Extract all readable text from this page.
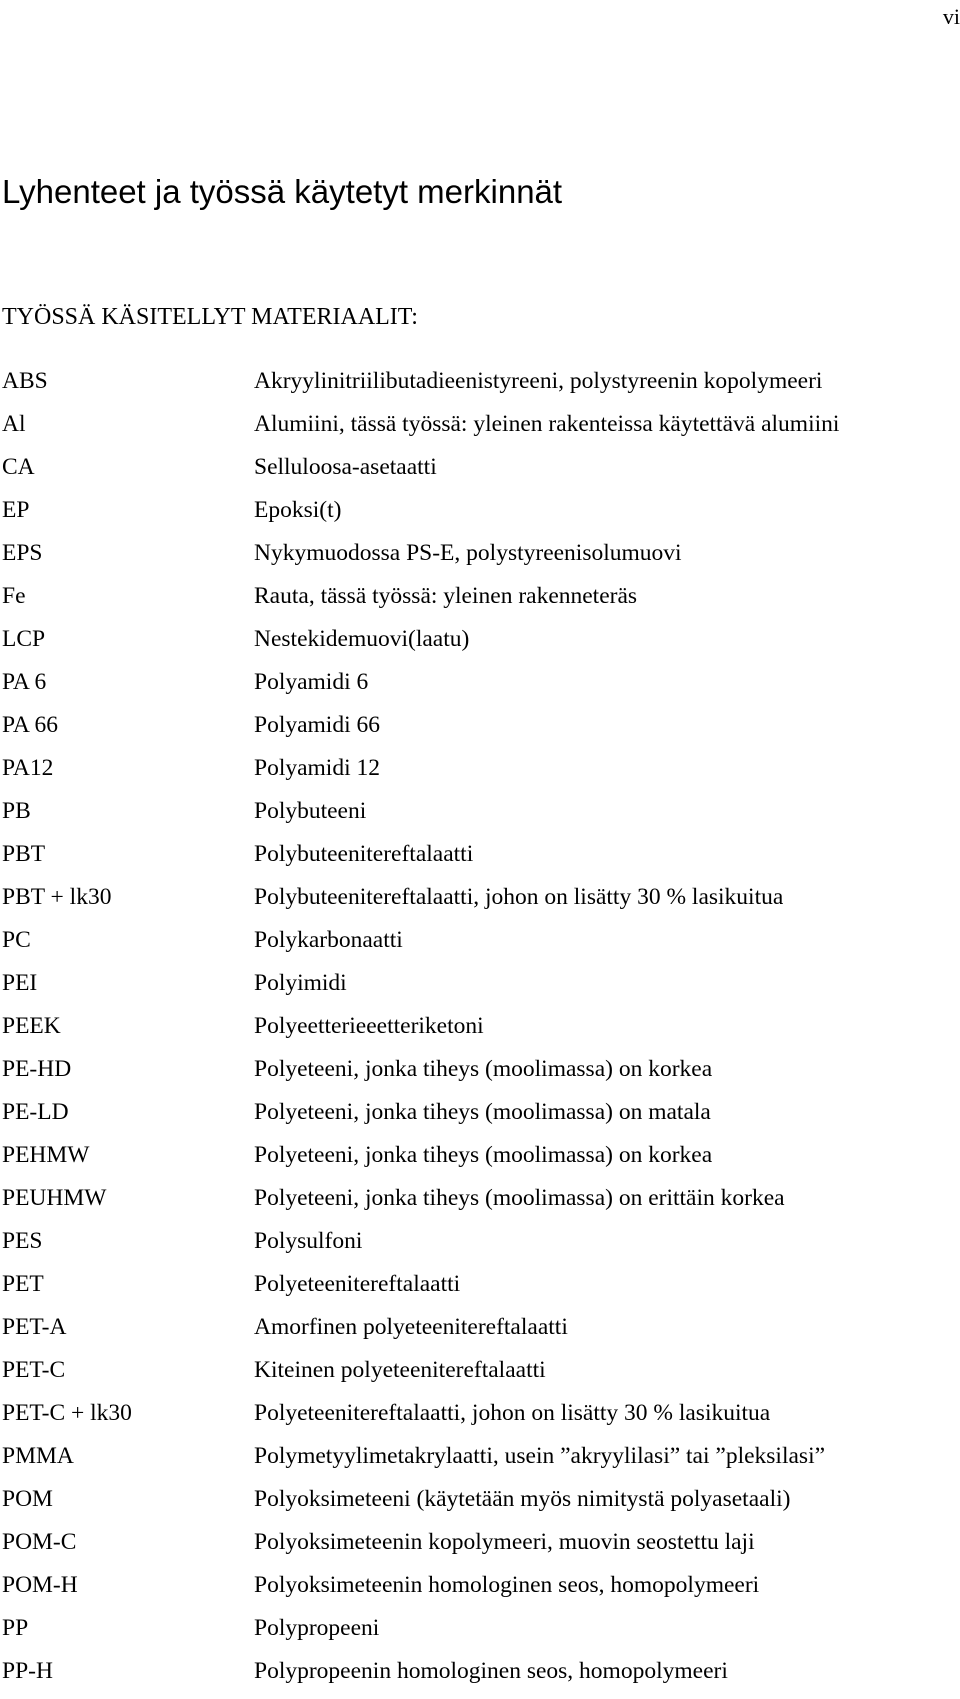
vi
Lyhenteet ja työssä käytetyt merkinnät
TYÖSSÄ KÄSITELLYT MATERIAALIT:
ABS	Akryylinitriilibutadieenistyreeni, polystyreenin kopolymeeri
Al	Alumiini, tässä työssä: yleinen rakenteissa käytettävä alumiini
CA	Selluloosa-asetaatti
EP	Epoksi(t)
EPS	Nykymuodossa PS-E, polystyreenisolumuovi
Fe	Rauta, tässä työssä: yleinen rakenneteräs
LCP	Nestekidemuovi(laatu)
PA 6	Polyamidi 6
PA 66	Polyamidi 66
PA12	Polyamidi 12
PB	Polybuteeni
PBT	Polybuteenitereftalaatti
PBT + lk30	Polybuteenitereftalaatti, johon on lisätty 30 % lasikuitua
PC	Polykarbonaatti
PEI	Polyimidi
PEEK	Polyeetterieeetteriketoni
PE-HD	Polyeteeni, jonka tiheys (moolimassa) on korkea
PE-LD	Polyeteeni, jonka tiheys (moolimassa) on matala
PEHMW	Polyeteeni, jonka tiheys (moolimassa) on korkea
PEUHMW	Polyeteeni, jonka tiheys (moolimassa) on erittäin korkea
PES	Polysulfoni
PET	Polyeteenitereftalaatti
PET-A	Amorfinen polyeteenitereftalaatti
PET-C	Kiteinen polyeteenitereftalaatti
PET-C + lk30	Polyeteenitereftalaatti, johon on lisätty 30 % lasikuitua
PMMA	Polymetyylimetakrylaatti, usein ”akryylilasi” tai ”pleksilasi”
POM	Polyoksimeteeni (käytetään myös nimitystä polyasetaali)
POM-C	Polyoksimeteenin kopolymeeri, muovin seostettu laji
POM-H	Polyoksimeteenin homologinen seos, homopolymeeri
PP	Polypropeeni
PP-H	Polypropeenin homologinen seos, homopolymeeri
